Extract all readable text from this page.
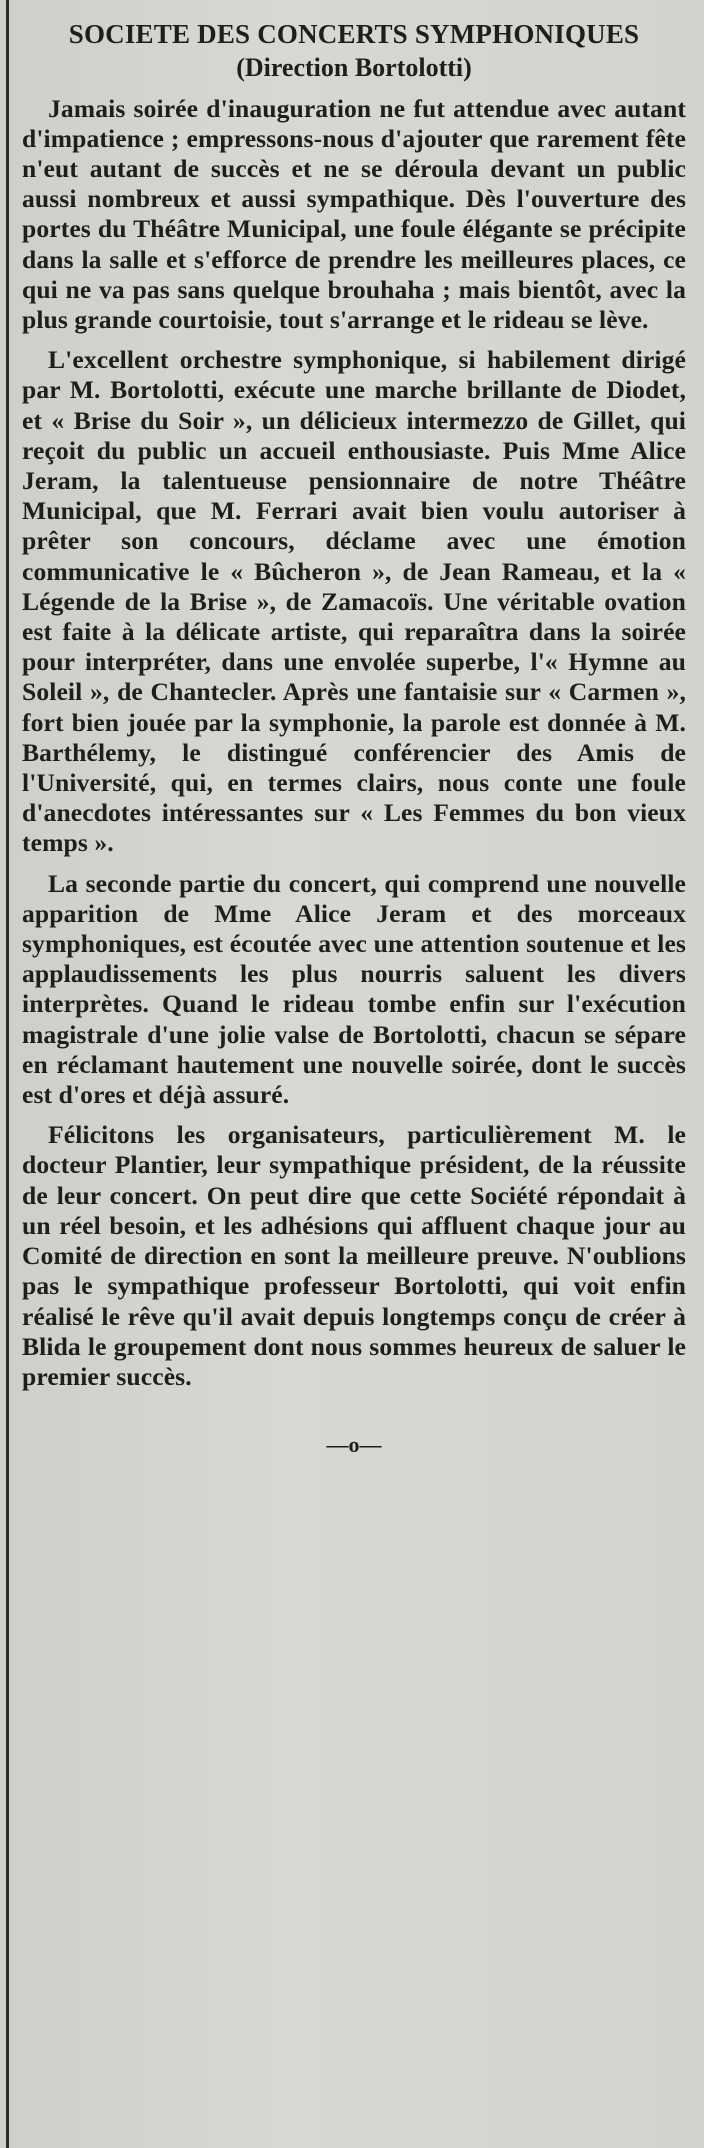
SOCIETE DES CONCERTS SYMPHONIQUES
(Direction Bortolotti)

Jamais soirée d'inauguration ne fut attendue avec autant d'impatience ; empressons-nous d'ajouter que rarement fête n'eut autant de succès et ne se déroula devant un public aussi nombreux et aussi sympathique. Dès l'ouverture des portes du Théâtre Municipal, une foule élégante se précipite dans la salle et s'efforce de prendre les meilleures places, ce qui ne va pas sans quelque brouhaha ; mais bientôt, avec la plus grande courtoisie, tout s'arrange et le rideau se lève.

L'excellent orchestre symphonique, si habilement dirigé par M. Bortolotti, exécute une marche brillante de Diodet, et « Brise du Soir », un délicieux intermezzo de Gillet, qui reçoit du public un accueil enthousiaste. Puis Mme Alice Jeram, la talentueuse pensionnaire de notre Théâtre Municipal, que M. Ferrari avait bien voulu autoriser à prêter son concours, déclame avec une émotion communicative le « Bûcheron », de Jean Rameau, et la « Légende de la Brise », de Zamacoïs. Une véritable ovation est faite à la délicate artiste, qui reparaîtra dans la soirée pour interpréter, dans une envolée superbe, l'« Hymne au Soleil », de Chantecler. Après une fantaisie sur « Carmen », fort bien jouée par la symphonie, la parole est donnée à M. Barthélemy, le distingué conférencier des Amis de l'Université, qui, en termes clairs, nous conte une foule d'anecdotes intéressantes sur « Les Femmes du bon vieux temps ».

La seconde partie du concert, qui comprend une nouvelle apparition de Mme Alice Jeram et des morceaux symphoniques, est écoutée avec une attention soutenue et les applaudissements les plus nourris saluent les divers interprètes. Quand le rideau tombe enfin sur l'exécution magistrale d'une jolie valse de Bortolotti, chacun se sépare en réclamant hautement une nouvelle soirée, dont le succès est d'ores et déjà assuré.

Félicitons les organisateurs, particulièrement M. le docteur Plantier, leur sympathique président, de la réussite de leur concert. On peut dire que cette Société répondait à un réel besoin, et les adhésions qui affluent chaque jour au Comité de direction en sont la meilleure preuve. N'oublions pas le sympathique professeur Bortolotti, qui voit enfin réalisé le rêve qu'il avait depuis longtemps conçu de créer à Blida le groupement dont nous sommes heureux de saluer le premier succès.

—o—
